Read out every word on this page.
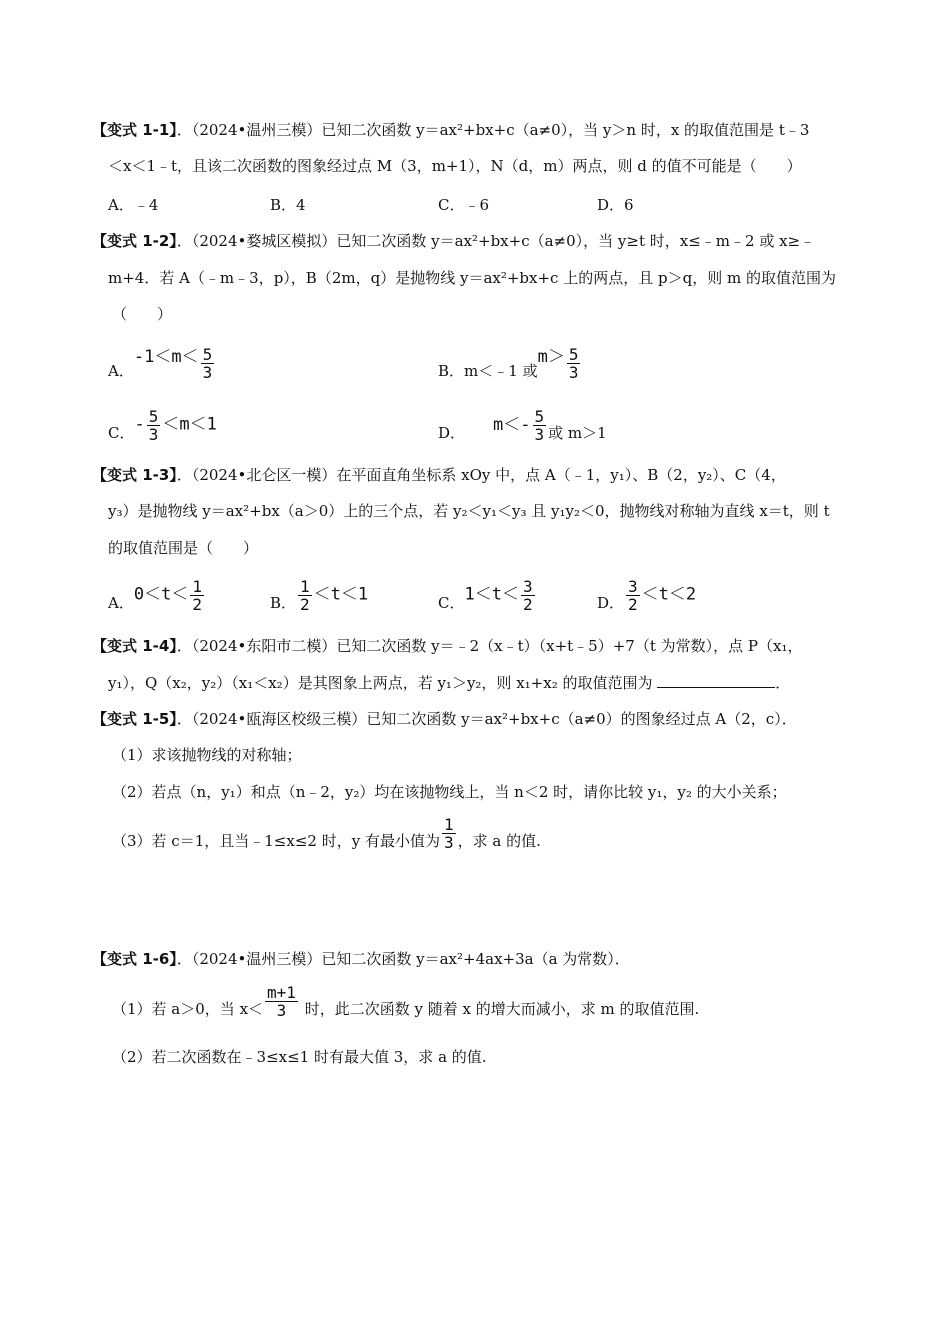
【变式 1-1】．（2024•温州三模）已知二次函数 y＝ax²+bx+c（a≠0），当 y＞n 时，x 的取值范围是 t﹣3
＜x＜1﹣t，且该二次函数的图象经过点 M（3，m+1），N（d，m）两点，则 d 的值不可能是（　　）
A．﹣4	B．4	C．﹣6	D．6
【变式 1-2】．（2024•婺城区模拟）已知二次函数 y＝ax²+bx+c（a≠0），当 y≥t 时，x≤﹣m﹣2 或 x≥﹣
m+4．若 A（﹣m﹣3，p），B（2m，q）是抛物线 y＝ax²+bx+c 上的两点，且 p＞q，则 m 的取值范围为
（　　）
A．$-1<m< \frac{5}{3}$	B．m＜﹣1 或$m> \frac{5}{3}$
C．- $\frac{5}{3} <m<1$	D． $m<- \frac{5}{3}$ 或 m＞1
【变式 1-3】．（2024•北仑区一模）在平面直角坐标系 xOy 中，点 A（﹣1，y₁）、B（2，y₂）、C（4，
y₃）是抛物线 y＝ax²+bx（a＞0）上的三个点，若 y₂＜y₁＜y₃ 且 y₁y₂＜0，抛物线对称轴为直线 x＝t，则 t
的取值范围是（　　）
A．$0<t< \frac{1}{2}$	B． $\frac{1}{2} <t<1$	C．$1<t< \frac{3}{2}$	D． $\frac{3}{2} <t<2$
【变式 1-4】．（2024•东阳市二模）已知二次函数 y＝﹣2（x﹣t）（x+t﹣5）+7（t 为常数），点 P（x₁，
y₁），Q（x₂，y₂）（x₁＜x₂）是其图象上两点，若 y₁＞y₂，则 x₁+x₂ 的取值范围为	．
【变式 1-5】．（2024•瓯海区校级三模）已知二次函数 y＝ax²+bx+c（a≠0）的图象经过点 A（2，c）．
（1）求该抛物线的对称轴；
（2）若点（n，y₁）和点（n﹣2，y₂）均在该抛物线上，当 n＜2 时，请你比较 y₁，y₂ 的大小关系；
（3）若 c＝1，且当﹣1≤x≤2 时，y 有最小值为 $\frac{1}{3}$ ，求 a 的值.
【变式 1-6】．（2024•温州三模）已知二次函数 y＝ax²+4ax+3a（a 为常数）．
（1）若 a＞0，当 $x< \frac{m+1}{3}$ 时，此二次函数 y 随着 x 的增大而减小，求 m 的取值范围.
（2）若二次函数在﹣3≤x≤1 时有最大值 3，求 a 的值.
